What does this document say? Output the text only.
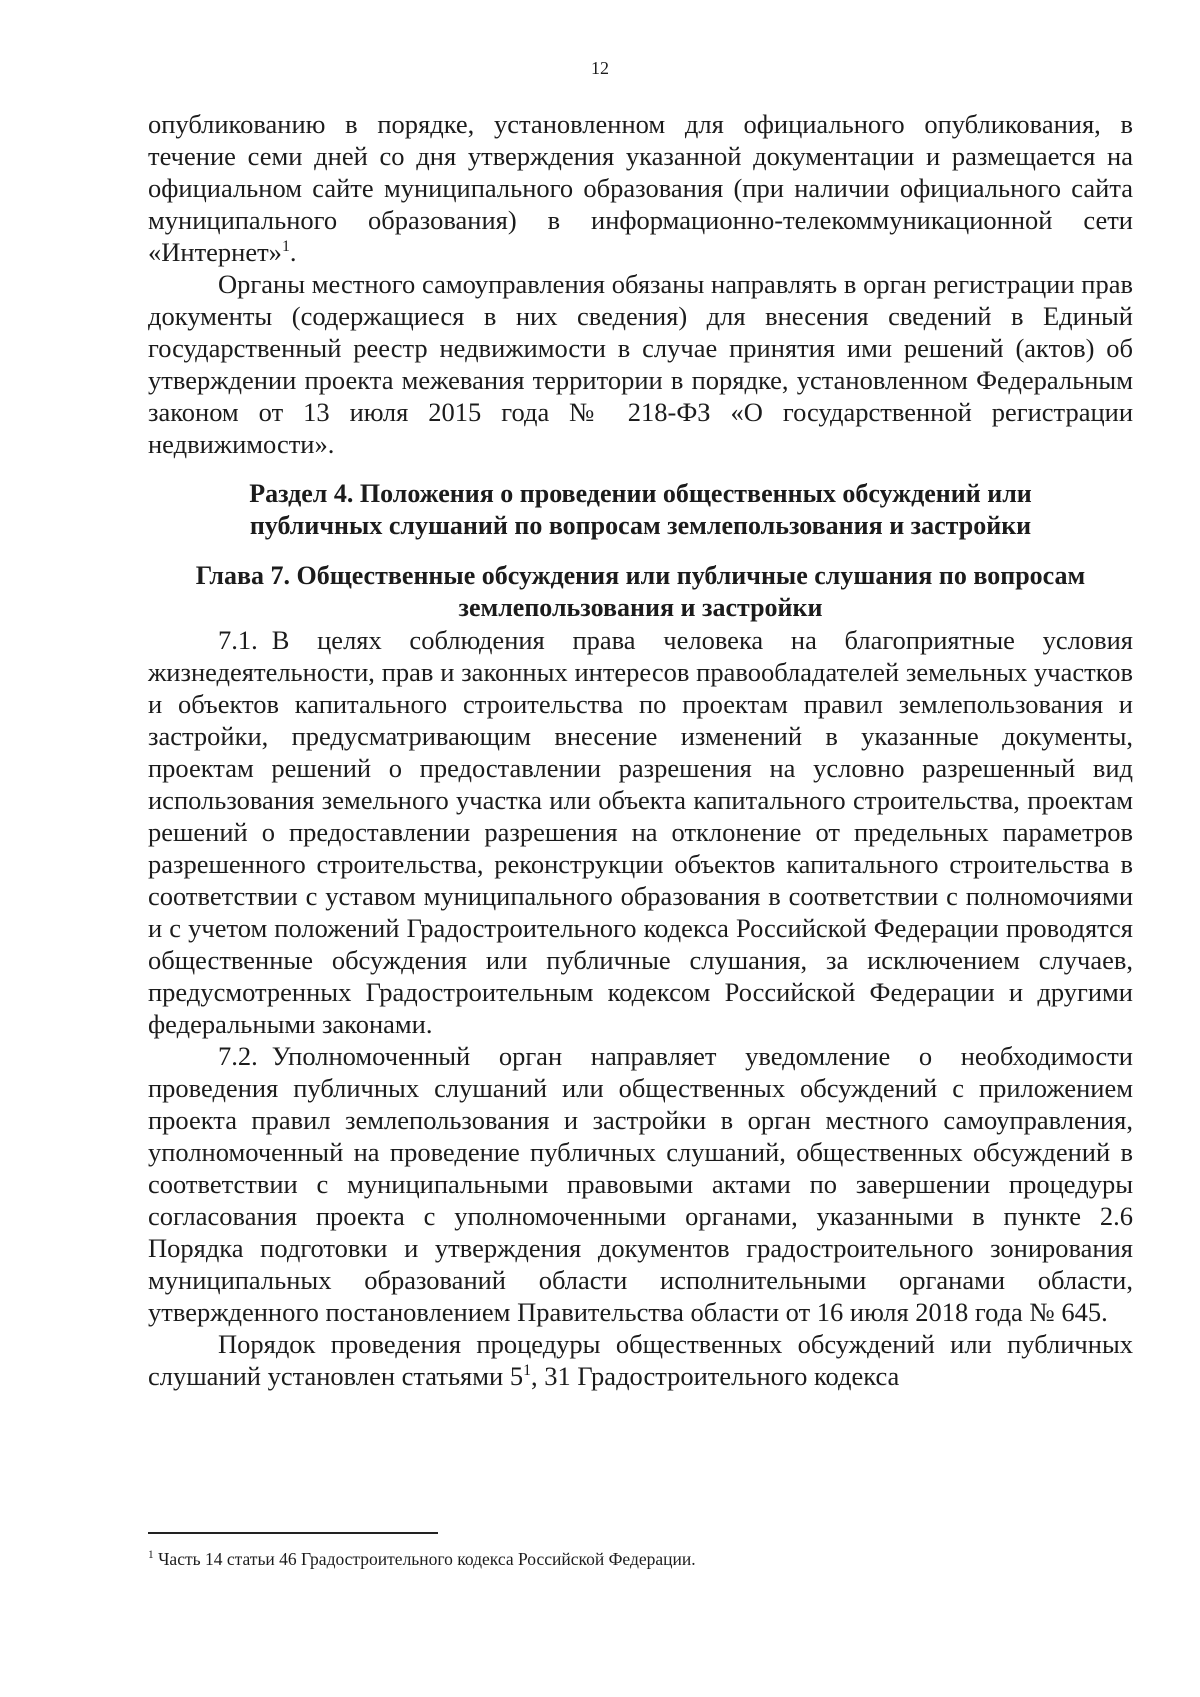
12

опубликованию в порядке, установленном для официального опубликования, в течение семи дней со дня утверждения указанной документации и размещается на официальном сайте муниципального образования (при наличии официального сайта муниципального образования) в информационно-телекоммуникационной сети «Интернет»$^1$.

Органы местного самоуправления обязаны направлять в орган регистрации прав документы (содержащиеся в них сведения) для внесения сведений в Единый государственный реестр недвижимости в случае принятия ими решений (актов) об утверждении проекта межевания территории в порядке, установленном Федеральным законом от 13 июля 2015 года № 218-ФЗ «О государственной регистрации недвижимости».

Раздел 4. Положения о проведении общественных обсуждений или публичных слушаний по вопросам землепользования и застройки

Глава 7. Общественные обсуждения или публичные слушания по вопросам землепользования и застройки

7.1. В целях соблюдения права человека на благоприятные условия жизнедеятельности, прав и законных интересов правообладателей земельных участков и объектов капитального строительства по проектам правил землепользования и застройки, предусматривающим внесение изменений в указанные документы, проектам решений о предоставлении разрешения на условно разрешенный вид использования земельного участка или объекта капитального строительства, проектам решений о предоставлении разрешения на отклонение от предельных параметров разрешенного строительства, реконструкции объектов капитального строительства в соответствии с уставом муниципального образования в соответствии с полномочиями и с учетом положений Градостроительного кодекса Российской Федерации проводятся общественные обсуждения или публичные слушания, за исключением случаев, предусмотренных Градостроительным кодексом Российской Федерации и другими федеральными законами.

7.2. Уполномоченный орган направляет уведомление о необходимости проведения публичных слушаний или общественных обсуждений с приложением проекта правил землепользования и застройки в орган местного самоуправления, уполномоченный на проведение публичных слушаний, общественных обсуждений в соответствии с муниципальными правовыми актами по завершении процедуры согласования проекта с уполномоченными органами, указанными в пункте 2.6 Порядка подготовки и утверждения документов градостроительного зонирования муниципальных образований области исполнительными органами области, утвержденного постановлением Правительства области от 16 июля 2018 года № 645.

Порядок проведения процедуры общественных обсуждений или публичных слушаний установлен статьями $5^1$, 31 Градостроительного кодекса

$^1$ Часть 14 статьи 46 Градостроительного кодекса Российской Федерации.
